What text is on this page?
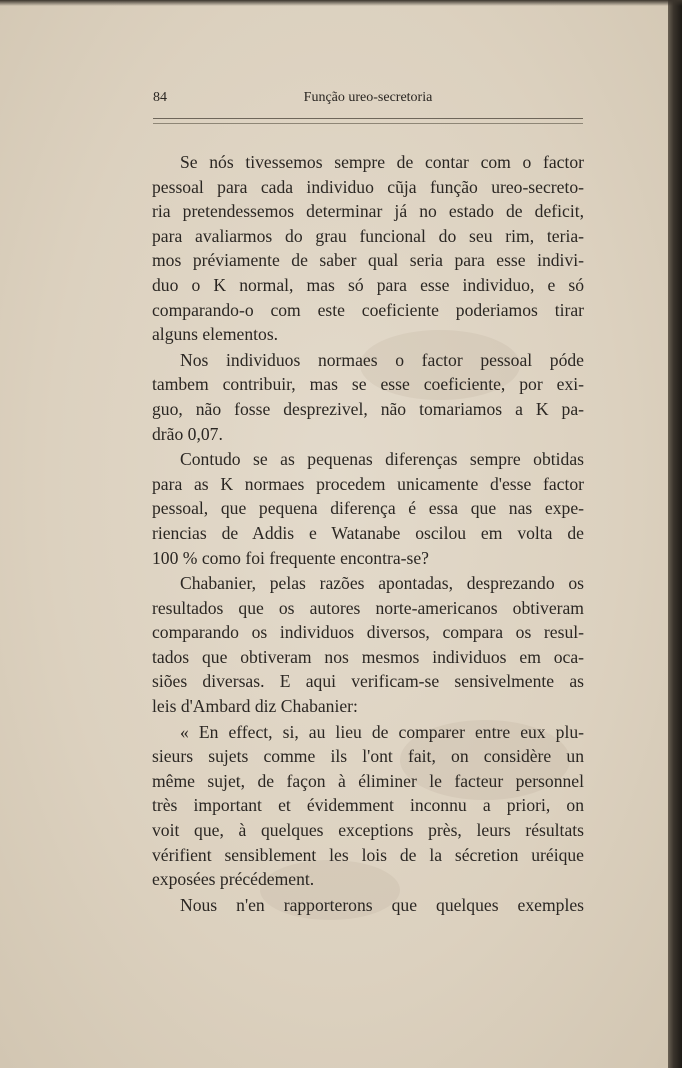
84	Função ureo-secretoria

Se nós tivessemos sempre de contar com o factor
pessoal para cada individuo cũja função ureo-secreto-
ria pretendessemos determinar já no estado de deficit,
para avaliarmos do grau funcional do seu rim, teria-
mos préviamente de saber qual seria para esse indivi-
duo o K normal, mas só para esse individuo, e só
comparando-o com este coeficiente poderiamos tirar
alguns elementos.

Nos individuos normaes o factor pessoal póde
tambem contribuir, mas se esse coeficiente, por exi-
guo, não fosse desprezivel, não tomariamos a K pa-
drão 0,07.

Contudo se as pequenas diferenças sempre obtidas
para as K normaes procedem unicamente d'esse factor
pessoal, que pequena diferença é essa que nas expe-
riencias de Addis e Watanabe oscilou em volta de
100 % como foi frequente encontra-se?

Chabanier, pelas razões apontadas, desprezando os
resultados que os autores norte-americanos obtiveram
comparando os individuos diversos, compara os resul-
tados que obtiveram nos mesmos individuos em oca-
siões diversas. E aqui verificam-se sensivelmente as
leis d'Ambard diz Chabanier:

« En effect, si, au lieu de comparer entre eux plu-
sieurs sujets comme ils l'ont fait, on considère un
même sujet, de façon à éliminer le facteur personnel
très important et évidemment inconnu a priori, on
voit que, à quelques exceptions près, leurs résultats
vérifient sensiblement les lois de la sécretion uréique
exposées précédement.

Nous n'en rapporterons que quelques exemples
